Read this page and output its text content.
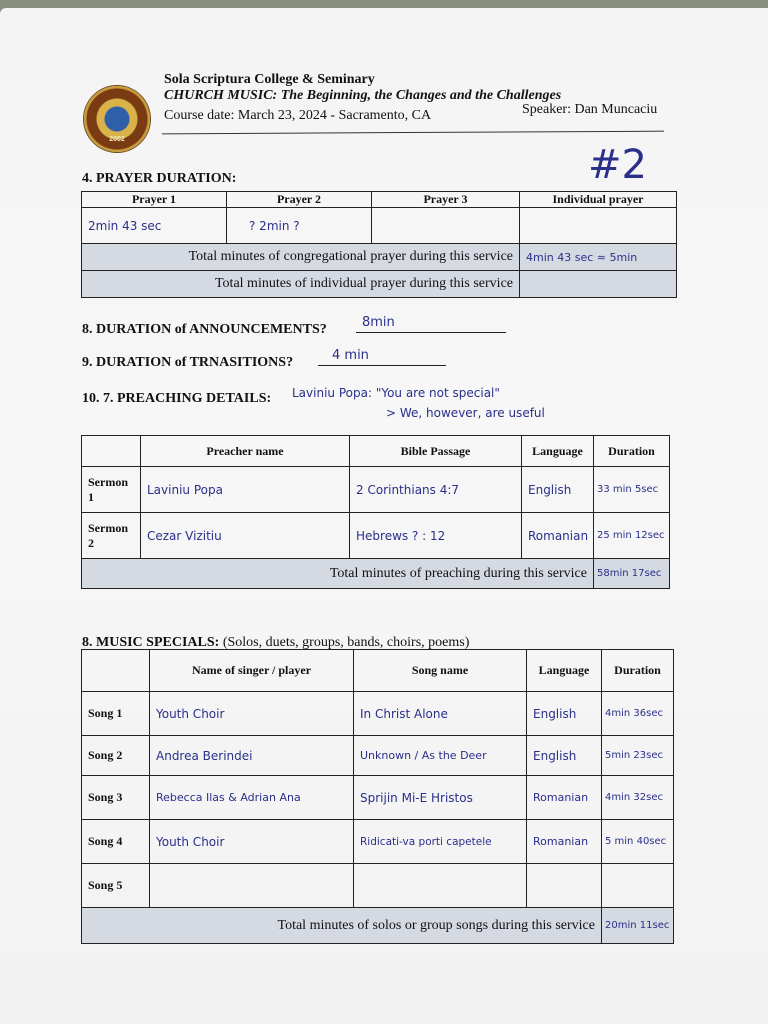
2002
Sola Scriptura College & Seminary
CHURCH MUSIC: The Beginning, the Changes and the Challenges
Course date: March 23, 2024 - Sacramento, CA	Speaker: Dan Muncaciu
#2
4. PRAYER DURATION:
Prayer 1	Prayer 2	Prayer 3	Individual prayer
2min 43 sec	? 2min ?		
Total minutes of congregational prayer during this service			4min 43 sec ≈ 5min
Total minutes of individual prayer during this service			
8. DURATION of ANNOUNCEMENTS?	8min
9. DURATION of TRNASITIONS?	4 min
10. 7. PREACHING DETAILS: Laviniu Popa: "You are not special"
> We, however, are useful
	Preacher name	Bible Passage	Language	Duration
Sermon 1	Laviniu Popa	2 Corinthians 4:7	English	33 min 5sec
Sermon 2	Cezar Vizitiu	Hebrews ? : 12	Romanian	25 min 12sec
Total minutes of preaching during this service				58min 17sec
8. MUSIC SPECIALS: (Solos, duets, groups, bands, choirs, poems)
	Name of singer / player	Song name	Language	Duration
Song 1	Youth Choir	In Christ Alone	English	4min 36sec
Song 2	Andrea Berindei	Unknown / As the Deer	English	5min 23sec
Song 3	Rebecca Ilas & Adrian Ana	Sprijin Mi-E Hristos	Romanian	4min 32sec
Song 4	Youth Choir	Ridicati-va porti capetele	Romanian	5 min 40sec
Song 5				
Total minutes of solos or group songs during this service				20min 11sec
